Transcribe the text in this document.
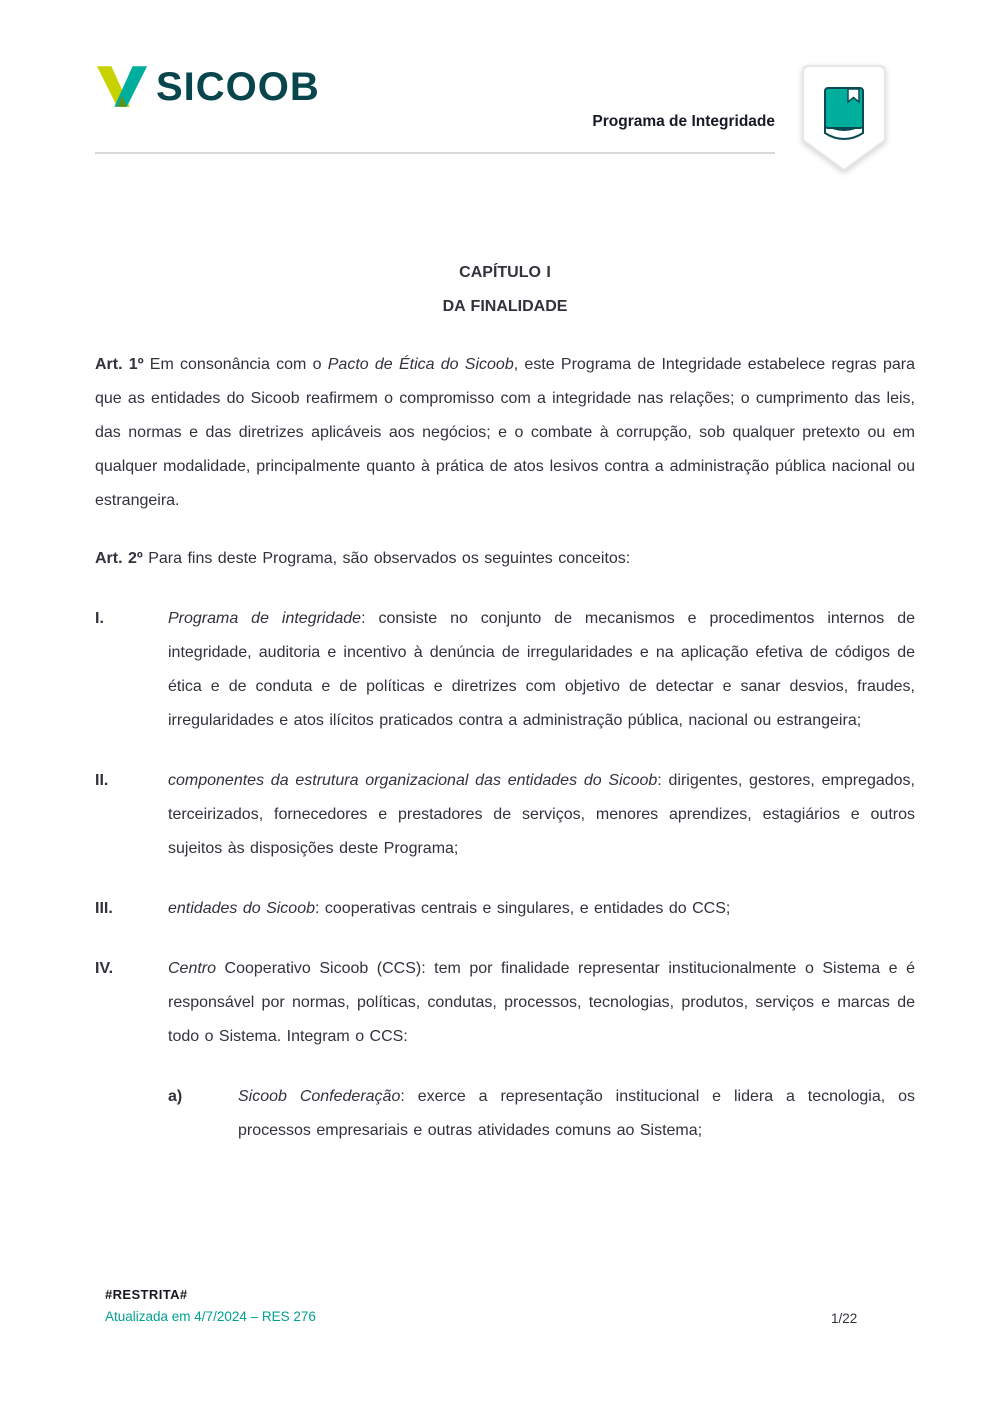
SICOOB
Programa de Integridade
CAPÍTULO I
DA FINALIDADE

Art. 1º Em consonância com o Pacto de Ética do Sicoob, este Programa de Integridade estabelece regras para que as entidades do Sicoob reafirmem o compromisso com a integridade nas relações; o cumprimento das leis, das normas e das diretrizes aplicáveis aos negócios; e o combate à corrupção, sob qualquer pretexto ou em qualquer modalidade, principalmente quanto à prática de atos lesivos contra a administração pública nacional ou estrangeira.

Art. 2º Para fins deste Programa, são observados os seguintes conceitos:

I.	Programa de integridade: consiste no conjunto de mecanismos e procedimentos internos de integridade, auditoria e incentivo à denúncia de irregularidades e na aplicação efetiva de códigos de ética e de conduta e de políticas e diretrizes com objetivo de detectar e sanar desvios, fraudes, irregularidades e atos ilícitos praticados contra a administração pública, nacional ou estrangeira;
II.	componentes da estrutura organizacional das entidades do Sicoob: dirigentes, gestores, empregados, terceirizados, fornecedores e prestadores de serviços, menores aprendizes, estagiários e outros sujeitos às disposições deste Programa;
III.	entidades do Sicoob: cooperativas centrais e singulares, e entidades do CCS;
IV.	Centro Cooperativo Sicoob (CCS): tem por finalidade representar institucionalmente o Sistema e é responsável por normas, políticas, condutas, processos, tecnologias, produtos, serviços e marcas de todo o Sistema. Integram o CCS:
a)	Sicoob Confederação: exerce a representação institucional e lidera a tecnologia, os processos empresariais e outras atividades comuns ao Sistema;
#RESTRITA#
Atualizada em 4/7/2024 – RES 276	1/22
